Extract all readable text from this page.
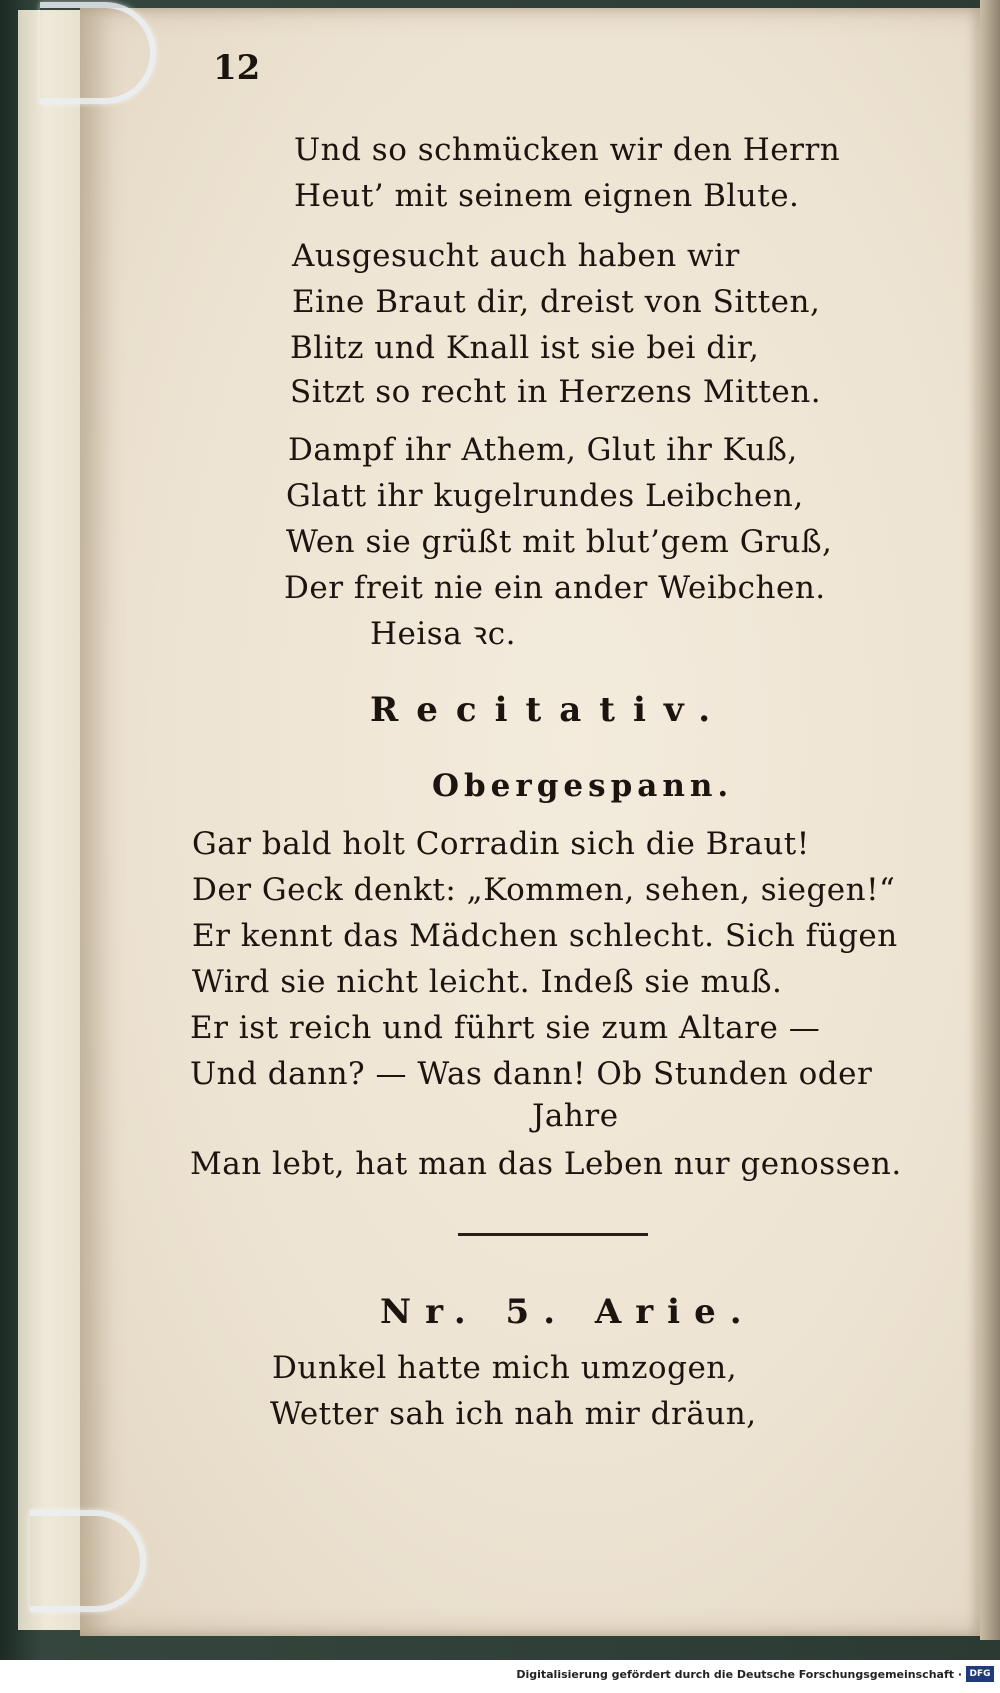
12
Und so schmücken wir den Herrn
Heut’ mit seinem eignen Blute.
Ausgesucht auch haben wir
Eine Braut dir, dreist von Sitten,
Blitz und Knall ist sie bei dir,
Sitzt so recht in Herzens Mitten.
Dampf ihr Athem, Glut ihr Kuß,
Glatt ihr kugelrundes Leibchen,
Wen sie grüßt mit blut’gem Gruß,
Der freit nie ein ander Weibchen.
Heisa ꝛc.
Recitativ.
Obergespann.
Gar bald holt Corradin sich die Braut!
Der Geck denkt: „Kommen, sehen, siegen!“
Er kennt das Mädchen schlecht. Sich fügen
Wird sie nicht leicht. Indeß sie muß.
Er ist reich und führt sie zum Altare —
Und dann? — Was dann! Ob Stunden oder
Jahre
Man lebt, hat man das Leben nur genossen.
Nr. 5. Arie.
Dunkel hatte mich umzogen,
Wetter sah ich nah mir dräun,
Digitalisierung gefördert durch die Deutsche Forschungsgemeinschaft · DFG
